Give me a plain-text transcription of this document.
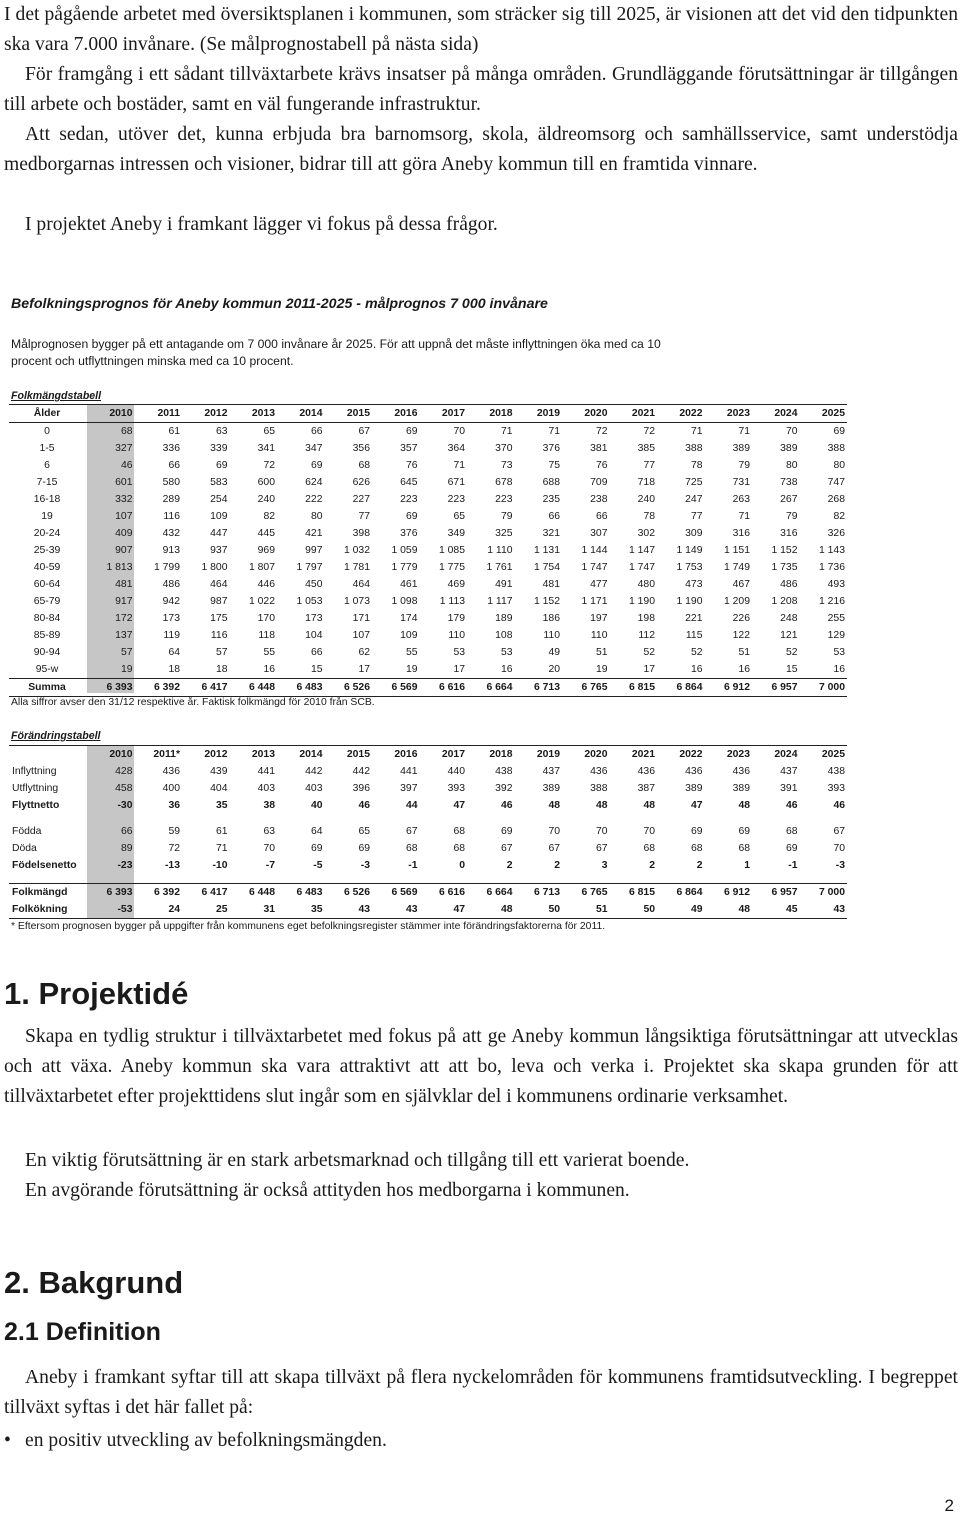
I det pågående arbetet med översiktsplanen i kommunen, som sträcker sig till 2025, är visionen att det vid den tidpunkten ska vara 7.000 invånare. (Se målprognostabell på nästa sida)

För framgång i ett sådant tillväxtarbete krävs insatser på många områden. Grundläggande förutsättningar är tillgången till arbete och bostäder, samt en väl fungerande infrastruktur.

Att sedan, utöver det, kunna erbjuda bra barnomsorg, skola, äldreomsorg och samhällsservice, samt understödja medborgarnas intressen och visioner, bidrar till att göra Aneby kommun till en framtida vinnare.

I projektet Aneby i framkant lägger vi fokus på dessa frågor.

Befolkningsprognos för Aneby kommun 2011-2025 - målprognos 7 000 invånare
Målprognosen bygger på ett antagande om 7 000 invånare år 2025. För att uppnå det måste inflyttningen öka med ca 10 procent och utflyttningen minska med ca 10 procent.
Folkmängdstabell
Ålder	2010	2011	2012	2013	2014	2015	2016	2017	2018	2019	2020	2021	2022	2023	2024	2025
0	68	61	63	65	66	67	69	70	71	71	72	72	71	71	70	69
1-5	327	336	339	341	347	356	357	364	370	376	381	385	388	389	389	388
6	46	66	69	72	69	68	76	71	73	75	76	77	78	79	80	80
7-15	601	580	583	600	624	626	645	671	678	688	709	718	725	731	738	747
16-18	332	289	254	240	222	227	223	223	223	235	238	240	247	263	267	268
19	107	116	109	82	80	77	69	65	79	66	66	78	77	71	79	82
20-24	409	432	447	445	421	398	376	349	325	321	307	302	309	316	316	326
25-39	907	913	937	969	997	1 032	1 059	1 085	1 110	1 131	1 144	1 147	1 149	1 151	1 152	1 143
40-59	1 813	1 799	1 800	1 807	1 797	1 781	1 779	1 775	1 761	1 754	1 747	1 747	1 753	1 749	1 735	1 736
60-64	481	486	464	446	450	464	461	469	491	481	477	480	473	467	486	493
65-79	917	942	987	1 022	1 053	1 073	1 098	1 113	1 117	1 152	1 171	1 190	1 190	1 209	1 208	1 216
80-84	172	173	175	170	173	171	174	179	189	186	197	198	221	226	248	255
85-89	137	119	116	118	104	107	109	110	108	110	110	112	115	122	121	129
90-94	57	64	57	55	66	62	55	53	53	49	51	52	52	51	52	53
95-w	19	18	18	16	15	17	19	17	16	20	19	17	16	16	15	16
Summa	6 393	6 392	6 417	6 448	6 483	6 526	6 569	6 616	6 664	6 713	6 765	6 815	6 864	6 912	6 957	7 000
Alla siffror avser den 31/12 respektive år. Faktisk folkmängd för 2010 från SCB.
Förändringstabell
	2010	2011*	2012	2013	2014	2015	2016	2017	2018	2019	2020	2021	2022	2023	2024	2025
Inflyttning	428	436	439	441	442	442	441	440	438	437	436	436	436	436	437	438
Utflyttning	458	400	404	403	403	396	397	393	392	389	388	387	389	389	391	393
Flyttnetto	-30	36	35	38	40	46	44	47	46	48	48	48	47	48	46	46

Födda	66	59	61	63	64	65	67	68	69	70	70	70	69	69	68	67
Döda	89	72	71	70	69	69	68	68	67	67	67	68	68	68	69	70
Födelsenetto	-23	-13	-10	-7	-5	-3	-1	0	2	2	3	2	2	1	-1	-3

Folkmängd	6 393	6 392	6 417	6 448	6 483	6 526	6 569	6 616	6 664	6 713	6 765	6 815	6 864	6 912	6 957	7 000
Folkökning	-53	24	25	31	35	43	43	47	48	50	51	50	49	48	45	43
* Eftersom prognosen bygger på uppgifter från kommunens eget befolkningsregister stämmer inte förändringsfaktorerna för 2011.
1. Projektidé

Skapa en tydlig struktur i tillväxtarbetet med fokus på att ge Aneby kommun långsiktiga förutsättningar att utvecklas och att växa. Aneby kommun ska vara attraktivt att att bo, leva och verka i. Projektet ska skapa grunden för att tillväxtarbetet efter projekttidens slut ingår som en självklar del i kommunens ordinarie verksamhet.

En viktig förutsättning är en stark arbetsmarknad och tillgång till ett varierat boende.

En avgörande förutsättning är också attityden hos medborgarna i kommunen.

2. Bakgrund
2.1 Definition

Aneby i framkant syftar till att skapa tillväxt på flera nyckelområden för kommunens framtidsutveckling. I begreppet tillväxt syftas i det här fallet på:

• en positiv utveckling av befolkningsmängden.
2
